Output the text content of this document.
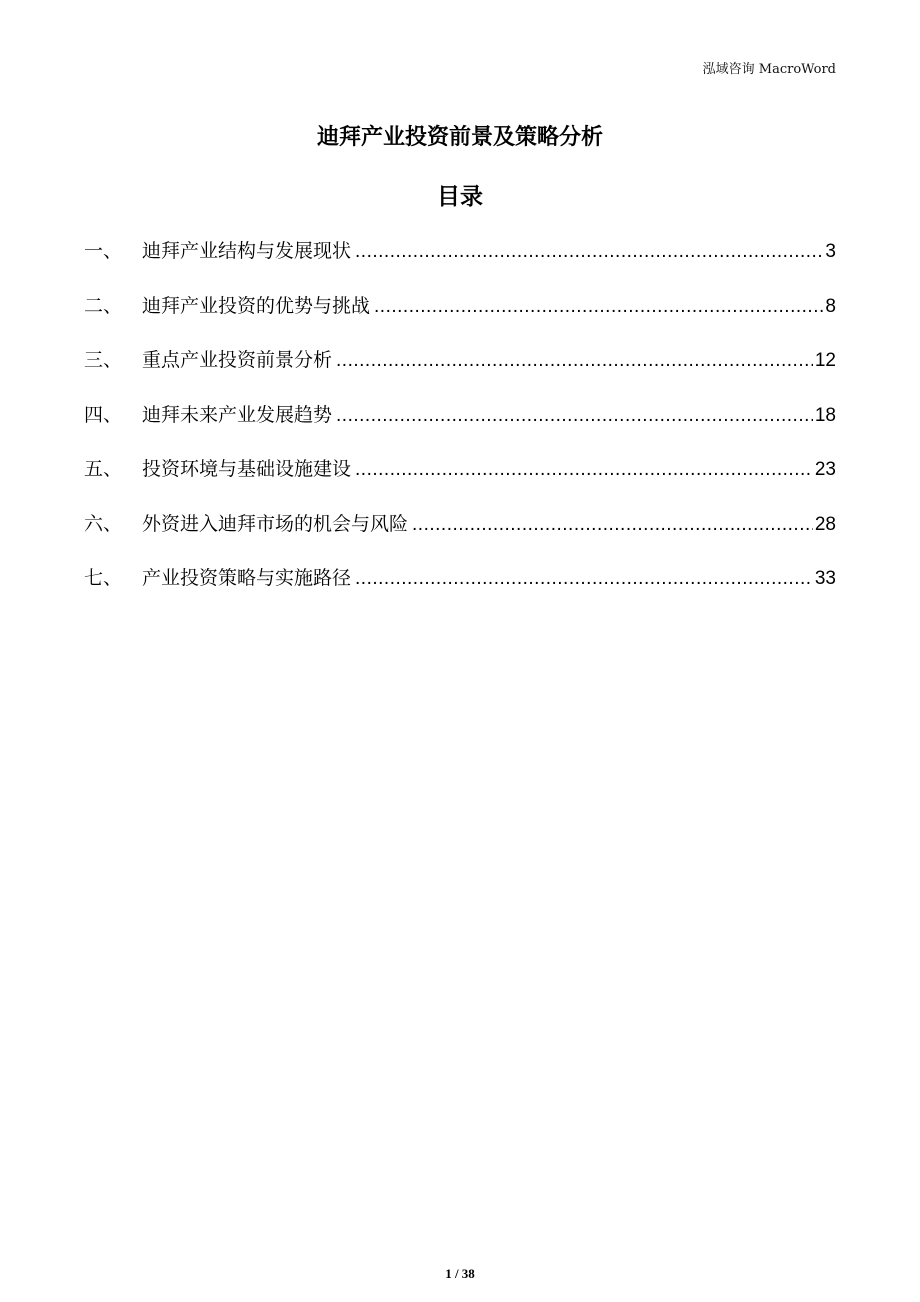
泓域咨询 MacroWord
迪拜产业投资前景及策略分析
目录
一、	迪拜产业结构与发展现状 .....	3
二、	迪拜产业投资的优势与挑战 .....	8
三、	重点产业投资前景分析 .....	12
四、	迪拜未来产业发展趋势 .....	18
五、	投资环境与基础设施建设 .....	23
六、	外资进入迪拜市场的机会与风险 .....	28
七、	产业投资策略与实施路径 .....	33
1 / 38
